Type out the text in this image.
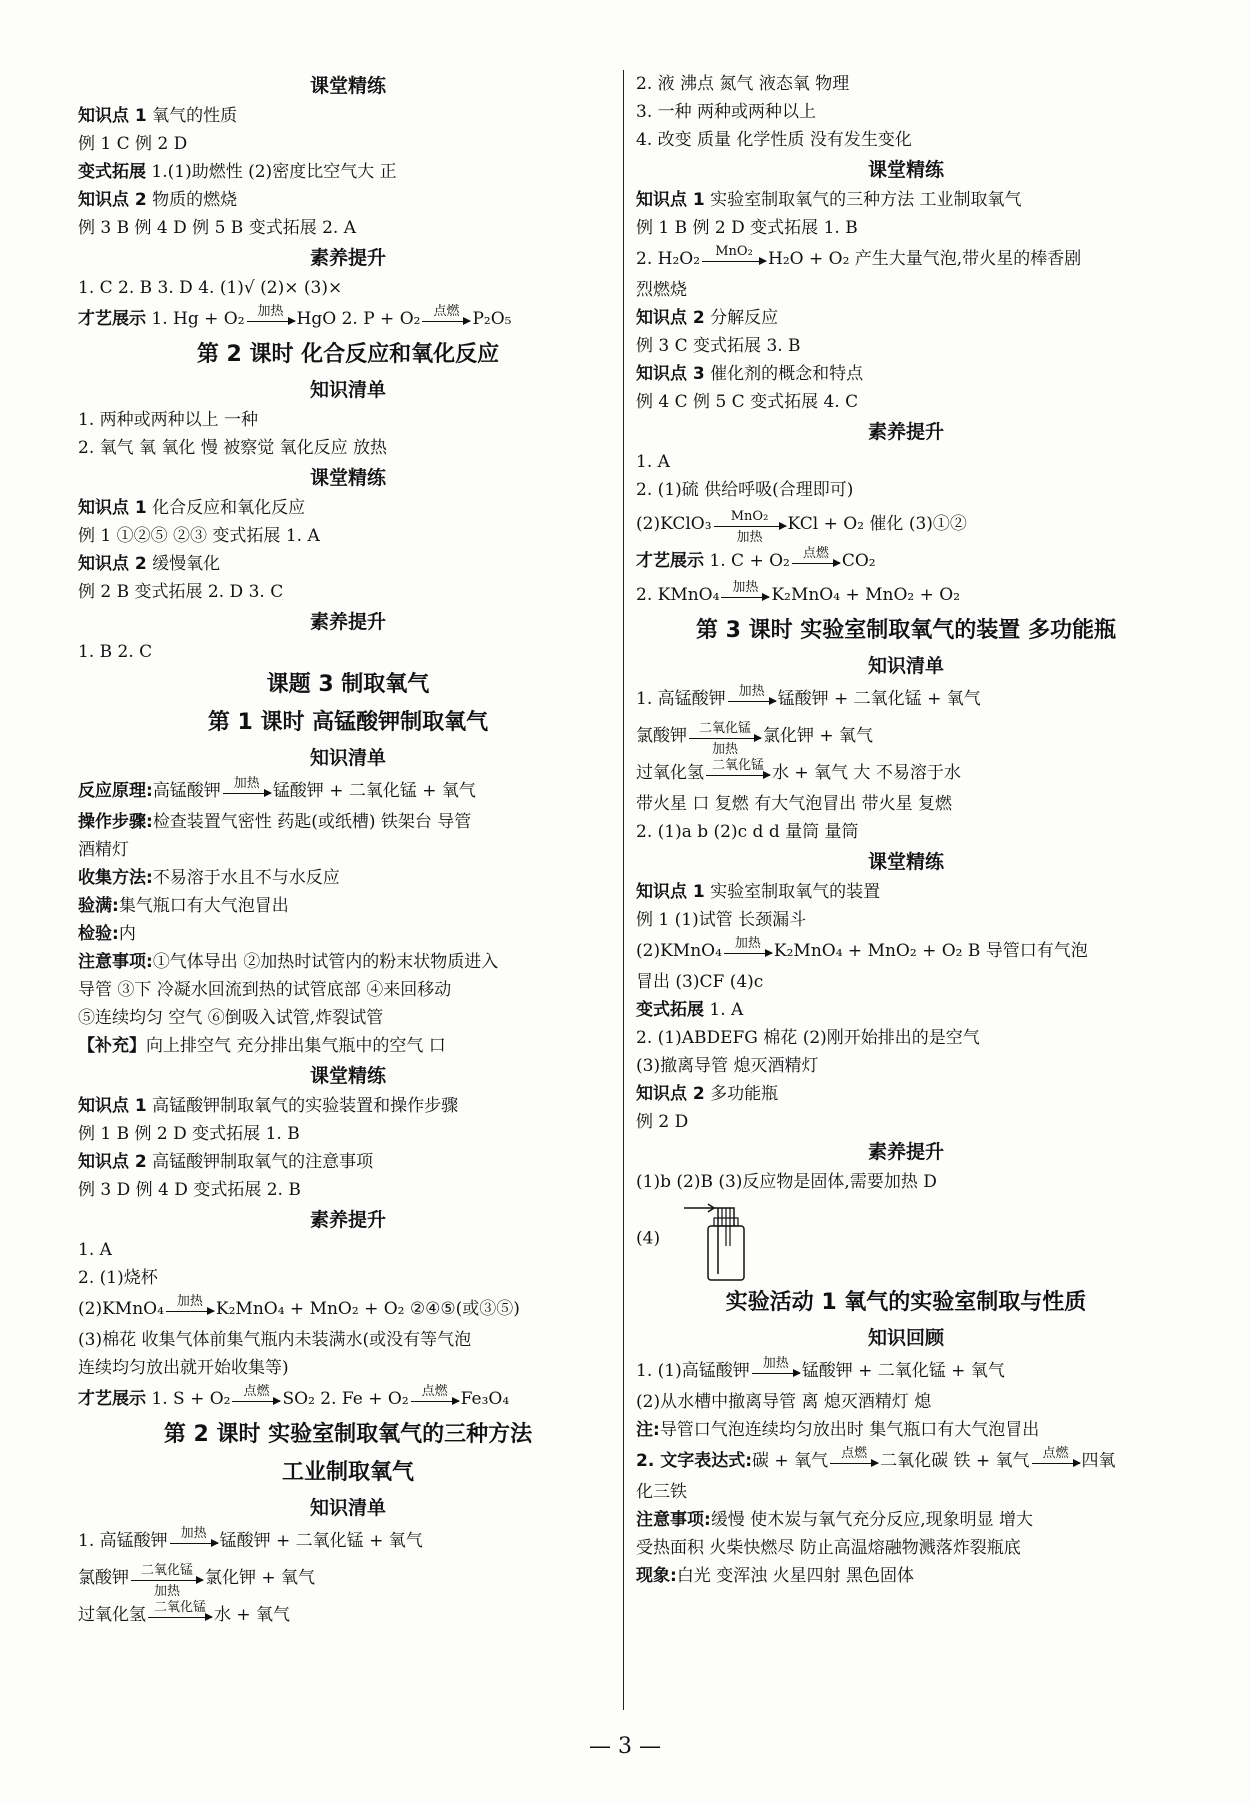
课堂精练
知识点 1 氧气的性质
例 1 C 例 2 D
变式拓展 1.(1)助燃性 (2)密度比空气大 正
知识点 2 物质的燃烧
例 3 B 例 4 D 例 5 B 变式拓展 2. A
素养提升
1. C 2. B 3. D 4. (1)√ (2)× (3)×
才艺展示 1. Hg + O₂ 加热 HgO 2. P + O₂ 点燃 P₂O₅
第 2 课时 化合反应和氧化反应
知识清单
1. 两种或两种以上 一种
2. 氧气 氧 氧化 慢 被察觉 氧化反应 放热
课堂精练
知识点 1 化合反应和氧化反应
例 1 ①②⑤ ②③ 变式拓展 1. A
知识点 2 缓慢氧化
例 2 B 变式拓展 2. D 3. C
素养提升
1. B 2. C
课题 3 制取氧气
第 1 课时 高锰酸钾制取氧气
知识清单
反应原理:高锰酸钾 加热 锰酸钾 + 二氧化锰 + 氧气
操作步骤:检查装置气密性 药匙(或纸槽) 铁架台 导管
酒精灯
收集方法:不易溶于水且不与水反应
验满:集气瓶口有大气泡冒出
检验:内
注意事项:①气体导出 ②加热时试管内的粉末状物质进入
导管 ③下 冷凝水回流到热的试管底部 ④来回移动
⑤连续均匀 空气 ⑥倒吸入试管,炸裂试管
【补充】向上排空气 充分排出集气瓶中的空气 口
课堂精练
知识点 1 高锰酸钾制取氧气的实验装置和操作步骤
例 1 B 例 2 D 变式拓展 1. B
知识点 2 高锰酸钾制取氧气的注意事项
例 3 D 例 4 D 变式拓展 2. B
素养提升
1. A
2. (1)烧杯
(2)KMnO₄ 加热 K₂MnO₄ + MnO₂ + O₂ ②④⑤(或③⑤)
(3)棉花 收集气体前集气瓶内未装满水(或没有等气泡
连续均匀放出就开始收集等)
才艺展示 1. S + O₂ 点燃 SO₂ 2. Fe + O₂ 点燃 Fe₃O₄
第 2 课时 实验室制取氧气的三种方法
工业制取氧气
知识清单
1. 高锰酸钾 加热 锰酸钾 + 二氧化锰 + 氧气
氯酸钾 二氧化锰
加热
氯化钾 + 氧气
过氧化氢 二氧化锰 水 + 氧气
2. 液 沸点 氮气 液态氧 物理
3. 一种 两种或两种以上
4. 改变 质量 化学性质 没有发生变化
课堂精练
知识点 1 实验室制取氧气的三种方法 工业制取氧气
例 1 B 例 2 D 变式拓展 1. B
2. H₂O₂	MnO₂ H₂O + O₂ 产生大量气泡,带火星的棒香剧
烈燃烧
知识点 2 分解反应
例 3 C 变式拓展 3. B
知识点 3 催化剂的概念和特点
例 4 C 例 5 C 变式拓展 4. C
素养提升
1. A
2. (1)硫 供给呼吸(合理即可)
(2)KClO₃	MnO₂
加热
KCl + O₂ 催化 (3)①②
才艺展示 1. C + O₂ 点燃 CO₂
2. KMnO₄ 加热 K₂MnO₄ + MnO₂ + O₂
第 3 课时 实验室制取氧气的装置 多功能瓶
知识清单
1. 高锰酸钾 加热 锰酸钾 + 二氧化锰 + 氧气
氯酸钾 二氧化锰
加热
氯化钾 + 氧气
过氧化氢 二氧化锰 水 + 氧气 大 不易溶于水
带火星 口 复燃 有大气泡冒出 带火星 复燃
2. (1)a b (2)c d d 量筒 量筒
课堂精练
知识点 1 实验室制取氧气的装置
例 1 (1)试管 长颈漏斗
(2)KMnO₄ 加热 K₂MnO₄ + MnO₂ + O₂ B 导管口有气泡
冒出 (3)CF (4)c
变式拓展 1. A
2. (1)ABDEFG 棉花 (2)刚开始排出的是空气
(3)撤离导管 熄灭酒精灯
知识点 2 多功能瓶
例 2 D
素养提升
(1)b (2)B (3)反应物是固体,需要加热 D
(4)
实验活动 1 氧气的实验室制取与性质
知识回顾
1. (1)高锰酸钾 加热 锰酸钾 + 二氧化锰 + 氧气
(2)从水槽中撤离导管 离 熄灭酒精灯 熄
注:导管口气泡连续均匀放出时 集气瓶口有大气泡冒出
2. 文字表达式:碳 + 氧气 点燃 二氧化碳 铁 + 氧气 点燃 四氧
化三铁
注意事项:缓慢 使木炭与氧气充分反应,现象明显 增大
受热面积 火柴快燃尽 防止高温熔融物溅落炸裂瓶底
现象:白光 变浑浊 火星四射 黑色固体
— 3 —
